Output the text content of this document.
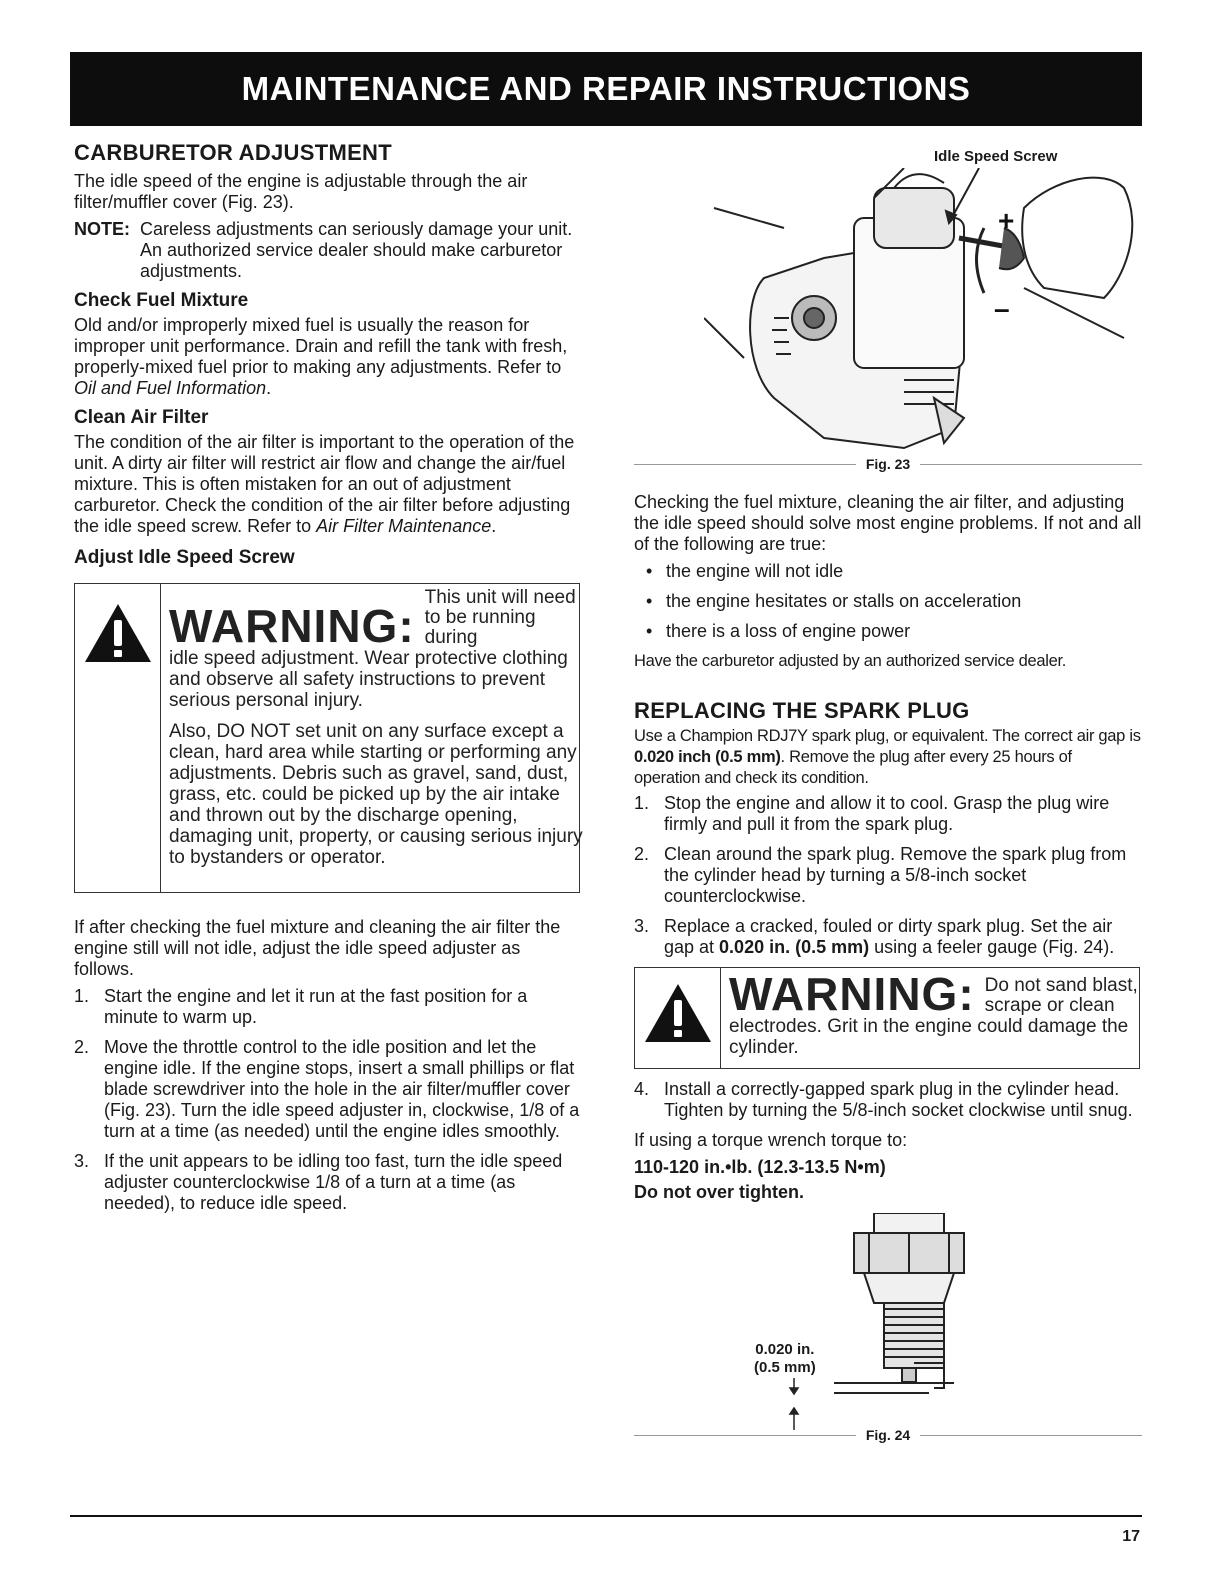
MAINTENANCE AND REPAIR INSTRUCTIONS
CARBURETOR ADJUSTMENT

The idle speed of the engine is adjustable through the air filter/muffler cover (Fig. 23).

NOTE: Careless adjustments can seriously damage your unit. An authorized service dealer should make carburetor adjustments.
Check Fuel Mixture

Old and/or improperly mixed fuel is usually the reason for improper unit performance. Drain and refill the tank with fresh, properly-mixed fuel prior to making any adjustments. Refer to Oil and Fuel Information.

Clean Air Filter

The condition of the air filter is important to the operation of the unit. A dirty air filter will restrict air flow and change the air/fuel mixture. This is often mistaken for an out of adjustment carburetor. Check the condition of the air filter before adjusting the idle speed screw. Refer to Air Filter Maintenance.

Adjust Idle Speed Screw
WARNING:
This unit will need to be running during

idle speed adjustment. Wear protective clothing and observe all safety instructions to prevent serious personal injury.

Also, DO NOT set unit on any surface except a clean, hard area while starting or performing any adjustments. Debris such as gravel, sand, dust, grass, etc. could be picked up by the air intake and thrown out by the discharge opening, damaging unit, property, or causing serious injury to bystanders or operator.

If after checking the fuel mixture and cleaning the air filter the engine still will not idle, adjust the idle speed adjuster as follows.

1. Start the engine and let it run at the fast position for a minute to warm up.
2. Move the throttle control to the idle position and let the engine idle. If the engine stops, insert a small phillips or flat blade screwdriver into the hole in the air filter/muffler cover (Fig. 23). Turn the idle speed adjuster in, clockwise, 1/8 of a turn at a time (as needed) until the engine idles smoothly.
3. If the unit appears to be idling too fast, turn the idle speed adjuster counterclockwise 1/8 of a turn at a time (as needed), to reduce idle speed.
Idle Speed Screw
+
–
Fig. 23

Checking the fuel mixture, cleaning the air filter, and adjusting the idle speed should solve most engine problems. If not and all of the following are true:

• the engine will not idle
• the engine hesitates or stalls on acceleration
• there is a loss of engine power

Have the carburetor adjusted by an authorized service dealer.

REPLACING THE SPARK PLUG

Use a Champion RDJ7Y spark plug, or equivalent. The correct air gap is 0.020 inch (0.5 mm). Remove the plug after every 25 hours of operation and check its condition.

1. Stop the engine and allow it to cool. Grasp the plug wire firmly and pull it from the spark plug.
2. Clean around the spark plug. Remove the spark plug from the cylinder head by turning a 5/8-inch socket counterclockwise.
3. Replace a cracked, fouled or dirty spark plug. Set the air gap at 0.020 in. (0.5 mm) using a feeler gauge (Fig. 24).
WARNING: Do not sand blast, scrape or clean

electrodes. Grit in the engine could damage the cylinder.

4. Install a correctly-gapped spark plug in the cylinder head. Tighten by turning the 5/8-inch socket clockwise until snug.

If using a torque wrench torque to:

110-120 in.•lb. (12.3-13.5 N•m)

Do not over tighten.

0.020 in.
(0.5 mm)
Fig. 24
17
